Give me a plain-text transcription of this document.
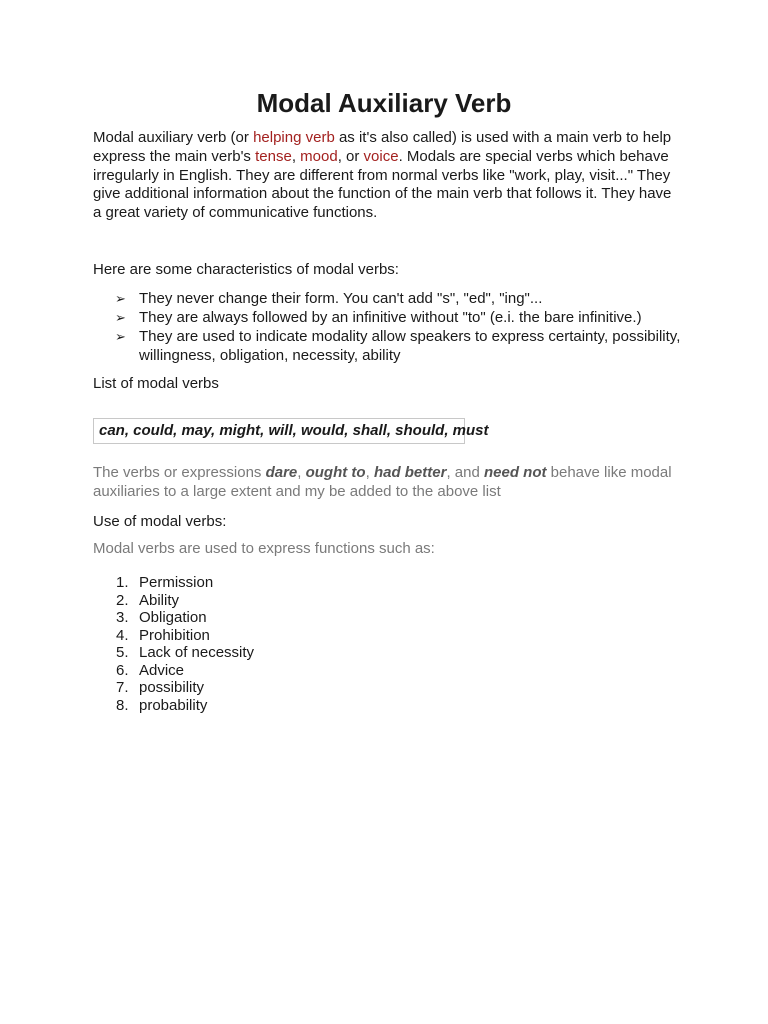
Modal Auxiliary Verb
Modal auxiliary verb (or helping verb as it's also called) is used with a main verb to help express the main verb's tense, mood, or voice. Modals are special verbs which behave irregularly in English. They are different from normal verbs like "work, play, visit..." They give additional information about the function of the main verb that follows it. They have a great variety of communicative functions.
Here are some characteristics of modal verbs:
➢ They never change their form. You can't add "s", "ed", "ing"...
➢ They are always followed by an infinitive without "to" (e.i. the bare infinitive.)
➢ They are used to indicate modality allow speakers to express certainty, possibility, willingness, obligation, necessity, ability
List of modal verbs
can, could, may, might, will, would, shall, should, must
The verbs or expressions dare, ought to, had better, and need not behave like modal auxiliaries to a large extent and my be added to the above list
Use of modal verbs:
Modal verbs are used to express functions such as:
1. Permission
2. Ability
3. Obligation
4. Prohibition
5. Lack of necessity
6. Advice
7. possibility
8. probability
